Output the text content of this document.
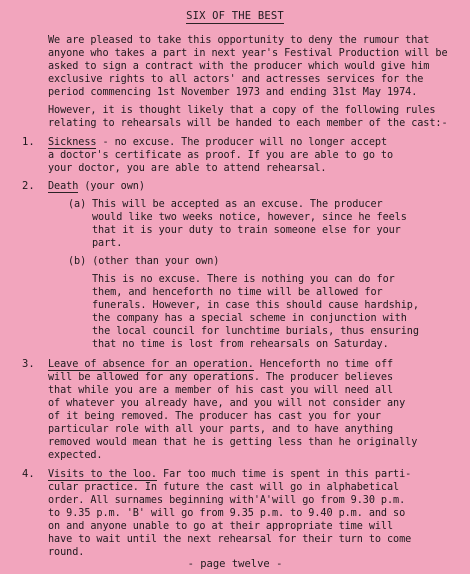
SIX OF THE BEST
We are pleased to take this opportunity to deny the rumour that
anyone who takes a part in next year's Festival Production will be
asked to sign a contract with the producer which would give him
exclusive rights to all actors' and actresses services for the
period commencing 1st November 1973 and ending 31st May 1974.
However, it is thought likely that a copy of the following rules
relating to rehearsals will be handed to each member of the cast:-
1. Sickness - no excuse. The producer will no longer accept
a doctor's certificate as proof. If you are able to go to
your doctor, you are able to attend rehearsal.
2. Death (your own)
(a) This will be accepted as an excuse. The producer
would like two weeks notice, however, since he feels
that it is your duty to train someone else for your
part.
(b) (other than your own)
This is no excuse. There is nothing you can do for
them, and henceforth no time will be allowed for
funerals. However, in case this should cause hardship,
the company has a special scheme in conjunction with
the local council for lunchtime burials, thus ensuring
that no time is lost from rehearsals on Saturday.
3. Leave of absence for an operation. Henceforth no time off
will be allowed for any operations. The producer believes
that while you are a member of his cast you will need all
of whatever you already have, and you will not consider any
of it being removed. The producer has cast you for your
particular role with all your parts, and to have anything
removed would mean that he is getting less than he originally
expected.
4. Visits to the loo. Far too much time is spent in this parti-
cular practice. In future the cast will go in alphabetical
order. All surnames beginning with'A'will go from 9.30 p.m.
to 9.35 p.m. 'B' will go from 9.35 p.m. to 9.40 p.m. and so
on and anyone unable to go at their appropriate time will
have to wait until the next rehearsal for their turn to come
round.
- page twelve -
